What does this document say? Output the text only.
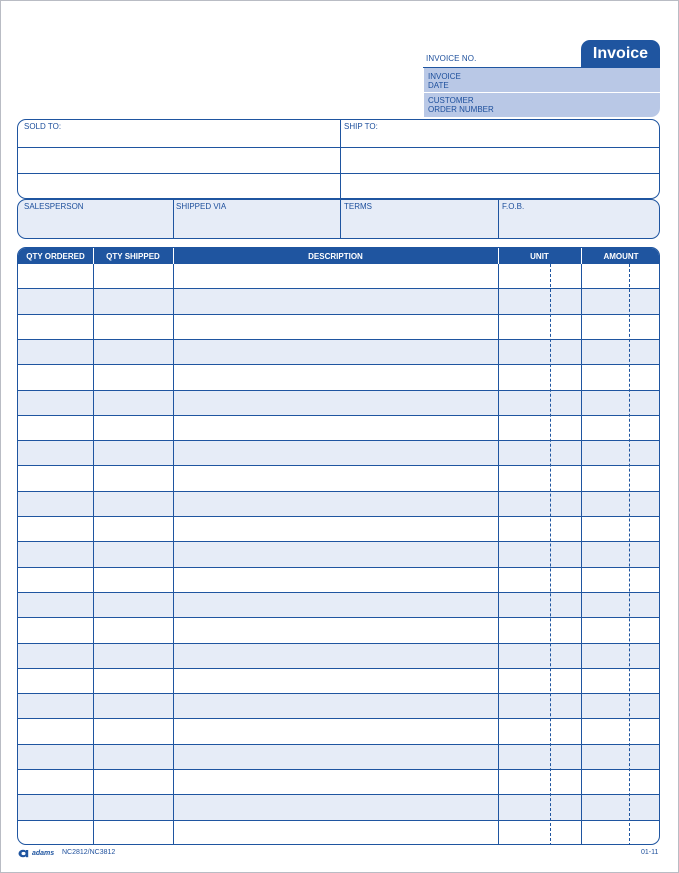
Invoice
INVOICE NO.
INVOICE
DATE
CUSTOMER
ORDER NUMBER
SOLD TO:	SHIP TO:
SALESPERSON	SHIPPED VIA	TERMS	F.O.B.
QTY ORDERED	QTY SHIPPED	DESCRIPTION	UNIT	AMOUNT
adams NC2812/NC3812	01-11
